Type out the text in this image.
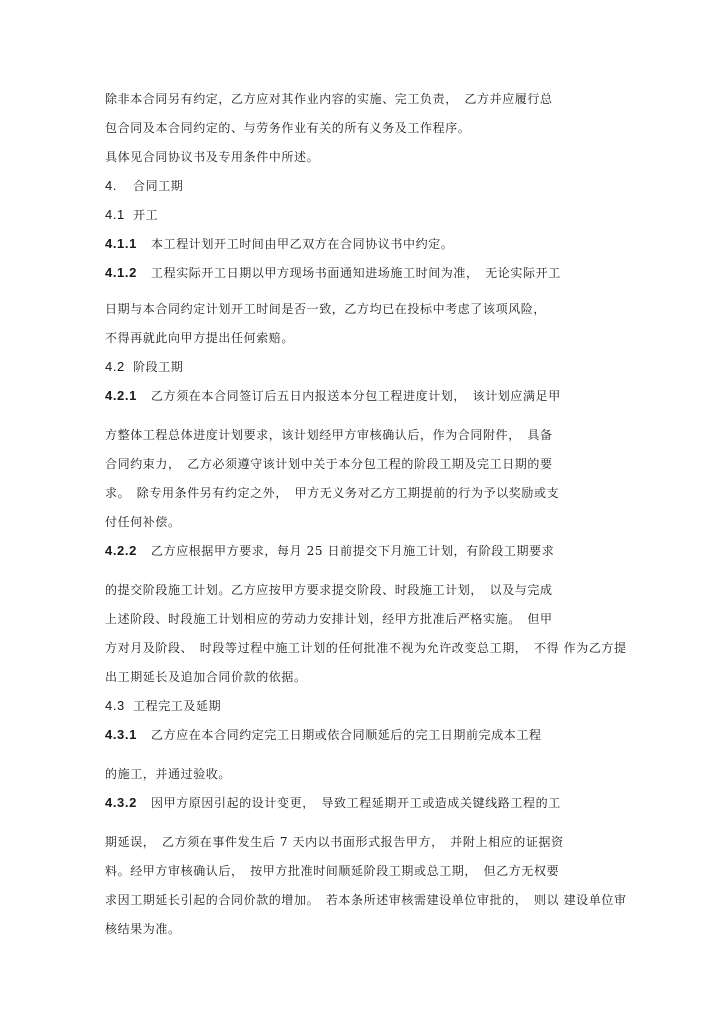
除非本合同另有约定，乙方应对其作业内容的实施、完工负责，　乙方并应履行总
包合同及本合同约定的、与劳务作业有关的所有义务及工作程序。
具体见合同协议书及专用条件中所述。
4. 合同工期
4.1 开工
4.1.1 本工程计划开工时间由甲乙双方在合同协议书中约定。
4.1.2 工程实际开工日期以甲方现场书面通知进场施工时间为准，　无论实际开工
日期与本合同约定计划开工时间是否一致，乙方均已在投标中考虑了该项风险，
不得再就此向甲方提出任何索赔。
4.2 阶段工期
4.2.1 乙方须在本合同签订后五日内报送本分包工程进度计划，　该计划应满足甲
方整体工程总体进度计划要求，该计划经甲方审核确认后，作为合同附件，　具备
合同约束力，　乙方必须遵守该计划中关于本分包工程的阶段工期及完工日期的要
求。　除专用条件另有约定之外，　甲方无义务对乙方工期提前的行为予以奖励或支
付任何补偿。
4.2.2 乙方应根据甲方要求，每月 25 日前提交下月施工计划，有阶段工期要求
的提交阶段施工计划。乙方应按甲方要求提交阶段、时段施工计划，　以及与完成
上述阶段、时段施工计划相应的劳动力安排计划，经甲方批准后严格实施。　但甲
方对月及阶段、　时段等过程中施工计划的任何批准不视为允许改变总工期，　不得 作为乙方提
出工期延长及追加合同价款的依据。
4.3 工程完工及延期
4.3.1 乙方应在本合同约定完工日期或依合同顺延后的完工日期前完成本工程
的施工，并通过验收。
4.3.2 因甲方原因引起的设计变更，　导致工程延期开工或造成关键线路工程的工
期延误，　乙方须在事件发生后 7 天内以书面形式报告甲方，　并附上相应的证据资
料。经甲方审核确认后，　按甲方批准时间顺延阶段工期或总工期，　但乙方无权要
求因工期延长引起的合同价款的增加。　若本条所述审核需建设单位审批的，　则以 建设单位审
核结果为准。
